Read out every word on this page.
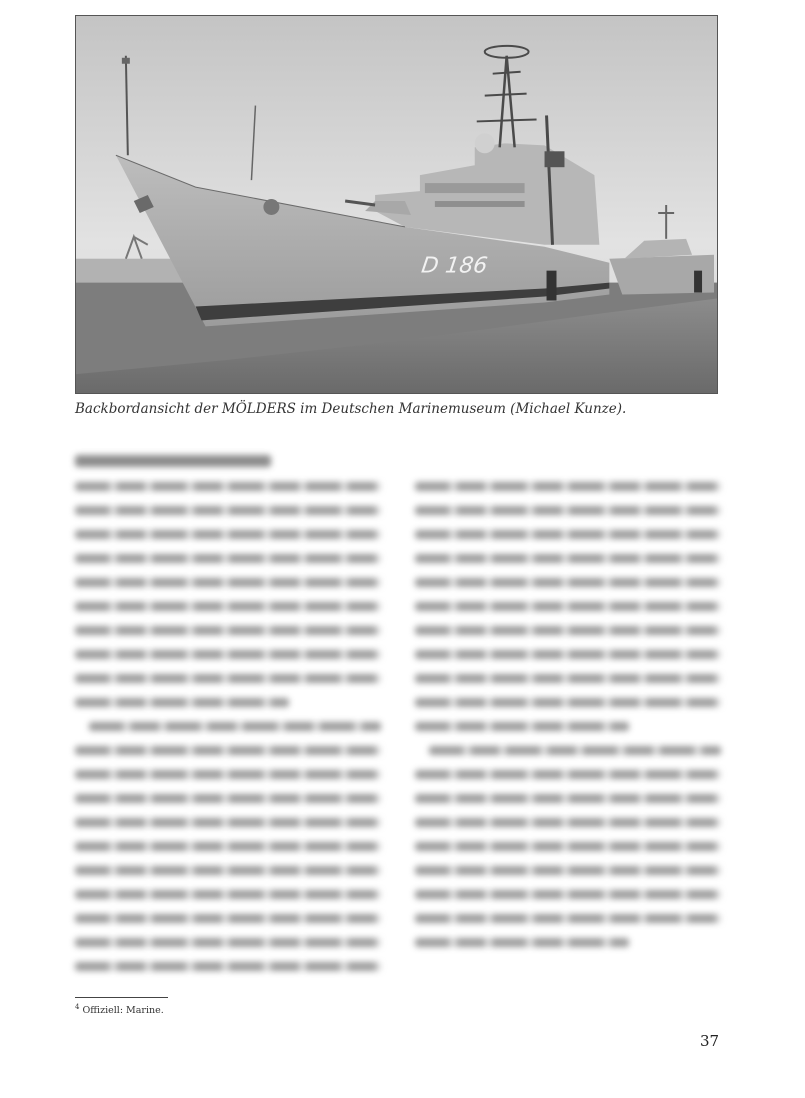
D 186
Backbordansicht der MÖLDERS im Deutschen Marinemuseum (Michael Kunze).
$^4$ Offiziell: Marine.
37
